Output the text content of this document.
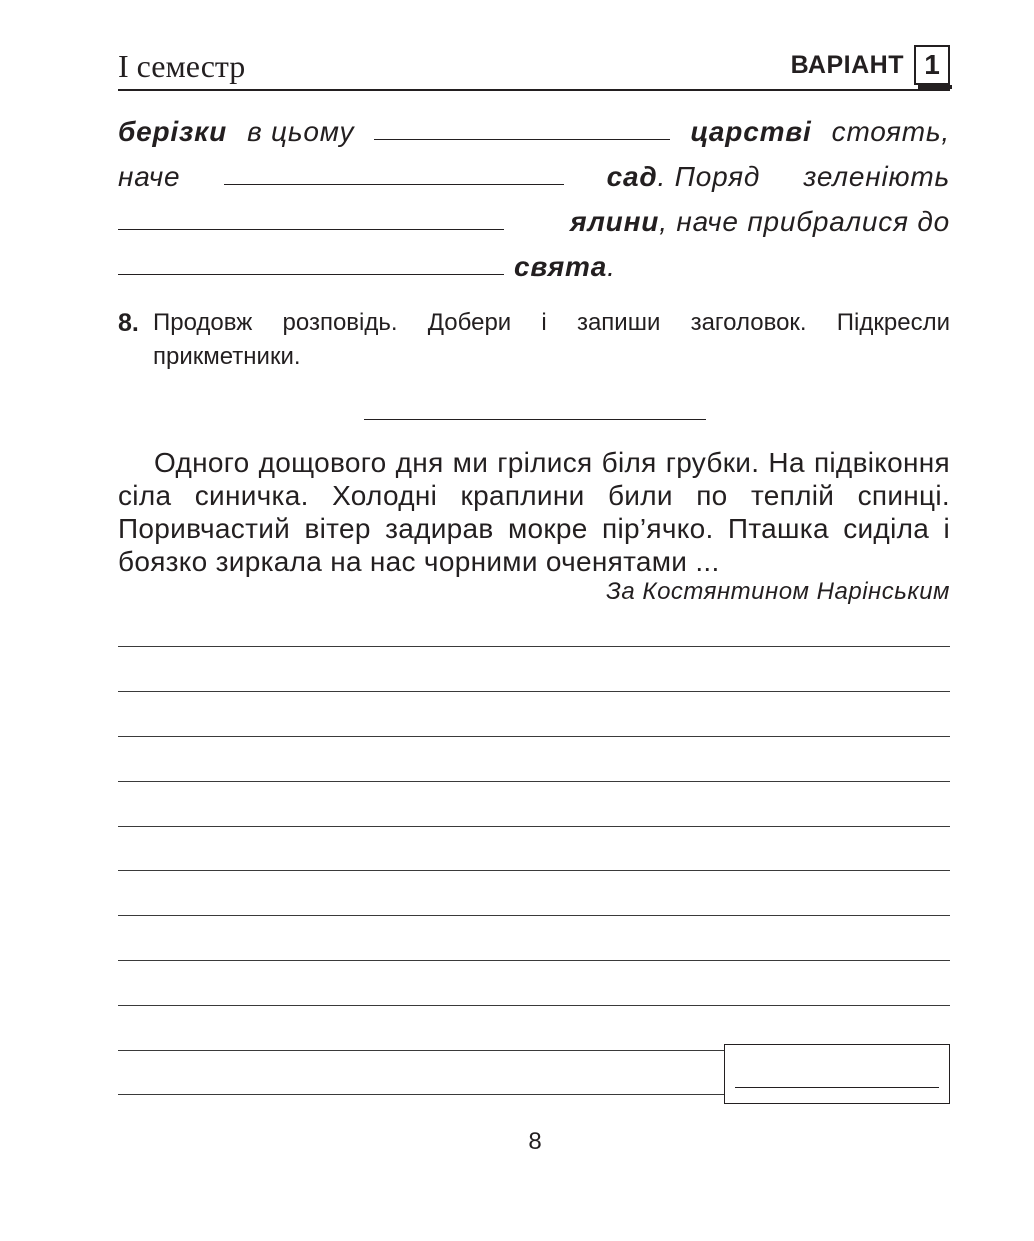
I семестр	ВАРІАНТ 1
берізки в цьому	царстві стоять,
наче	сад . Поряд зеленіють
ялини , наче прибралися до
свята .
8. Продовж розповідь. Добери і запиши заголовок. Підкресли прикметники.
Одного дощового дня ми грілися біля грубки. На підвіконня сіла синичка. Холодні краплини били по теплій спинці. Поривчастий вітер задирав мокре пір’ячко. Пташка сиділа і боязко зиркала на нас чорними оченятами ...
За Костянтином Нарінським
8
